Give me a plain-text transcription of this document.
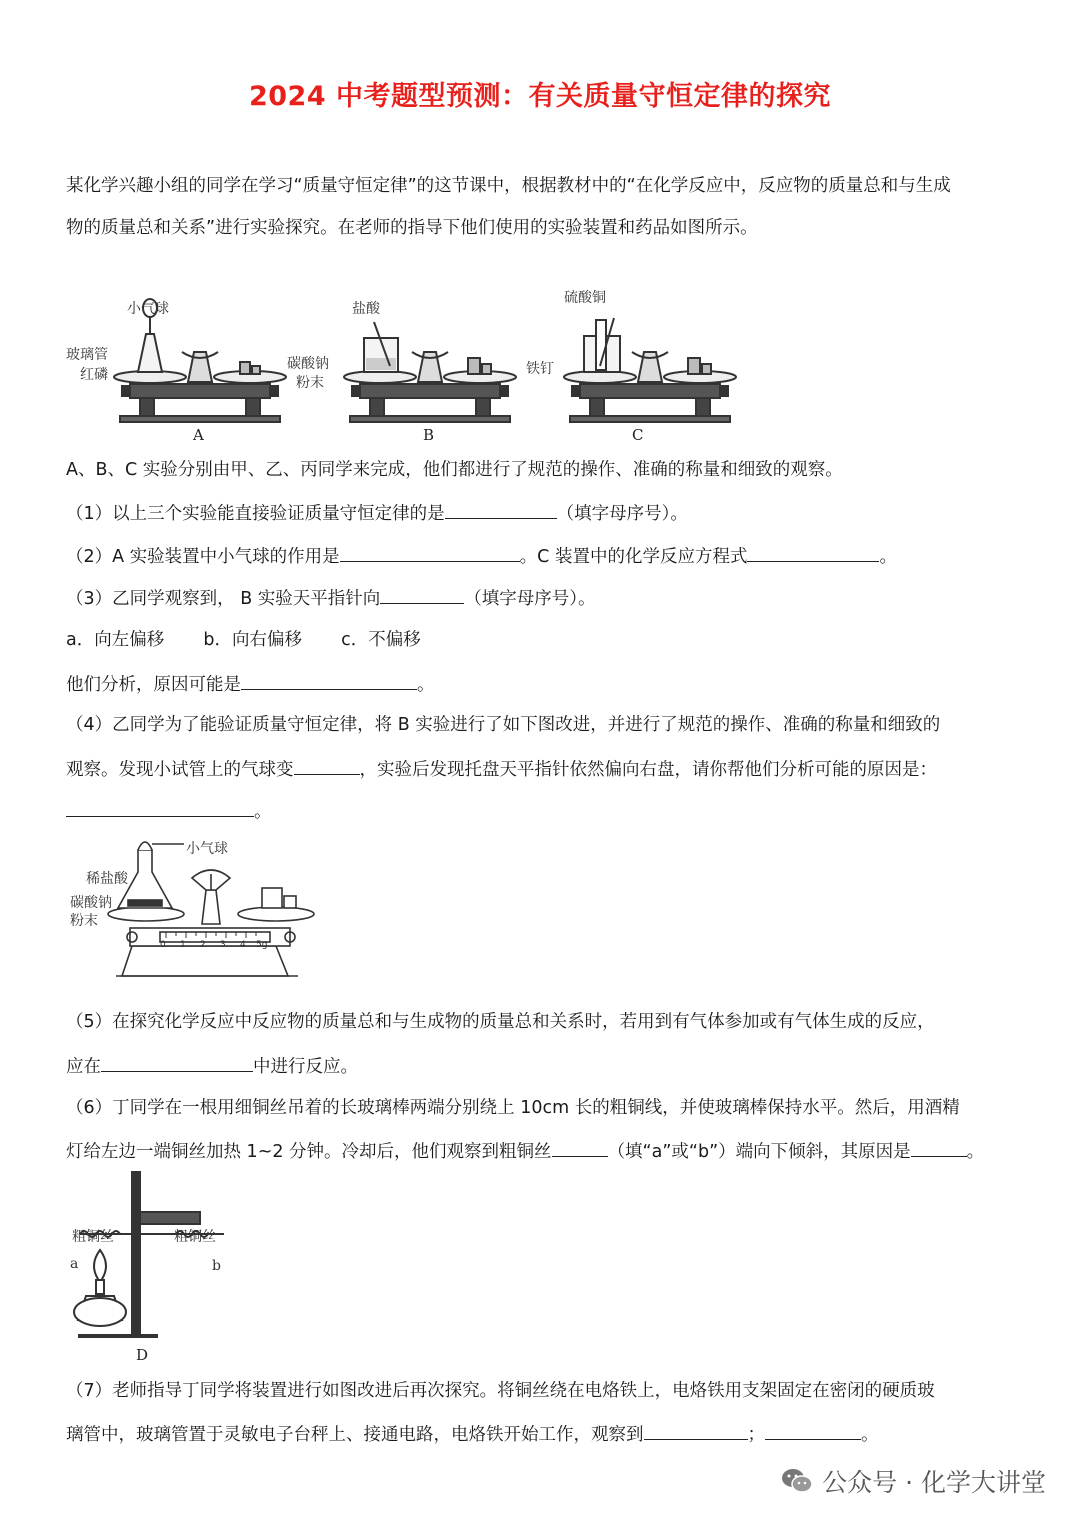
2024 中考题型预测：有关质量守恒定律的探究
某化学兴趣小组的同学在学习“质量守恒定律”的这节课中，根据教材中的“在化学反应中，反应物的质量总和与生成
物的质量总和关系”进行实验探究。在老师的指导下他们使用的实验装置和药品如图所示。
小气球
玻璃管
红磷
盐酸
碳酸钠
粉末
硫酸铜
铁钉
A	B	C
A、B、C 实验分别由甲、乙、丙同学来完成，他们都进行了规范的操作、准确的称量和细致的观察。
（1）以上三个实验能直接验证质量守恒定律的是	（填字母序号）。
（2）A 实验装置中小气球的作用是	。C 装置中的化学反应方程式	。
（3）乙同学观察到， B 实验天平指针向	（填字母序号）。
a．向左偏移 b．向右偏移 c．不偏移
他们分析，原因可能是	。
（4）乙同学为了能验证质量守恒定律，将 B 实验进行了如下图改进，并进行了规范的操作、准确的称量和细致的
观察。发现小试管上的气球变	，实验后发现托盘天平指针依然偏向右盘，请你帮他们分析可能的原因是：
。
小气球
稀盐酸
碳酸钠
粉末
0 1 2 3 4 5g
（5）在探究化学反应中反应物的质量总和与生成物的质量总和关系时，若用到有气体参加或有气体生成的反应，
应在	中进行反应。
（6）丁同学在一根用细铜丝吊着的长玻璃棒两端分别绕上 10cm 长的粗铜线，并使玻璃棒保持水平。然后，用酒精
灯给左边一端铜丝加热 1~2 分钟。冷却后，他们观察到粗铜丝	（填“a”或“b”）端向下倾斜，其原因是	。
粗铜丝	粗铜丝
a	b
D
（7）老师指导丁同学将装置进行如图改进后再次探究。将铜丝绕在电烙铁上，电烙铁用支架固定在密闭的硬质玻
璃管中，玻璃管置于灵敏电子台秤上、接通电路，电烙铁开始工作，观察到	；	。
公众号 · 化学大讲堂
